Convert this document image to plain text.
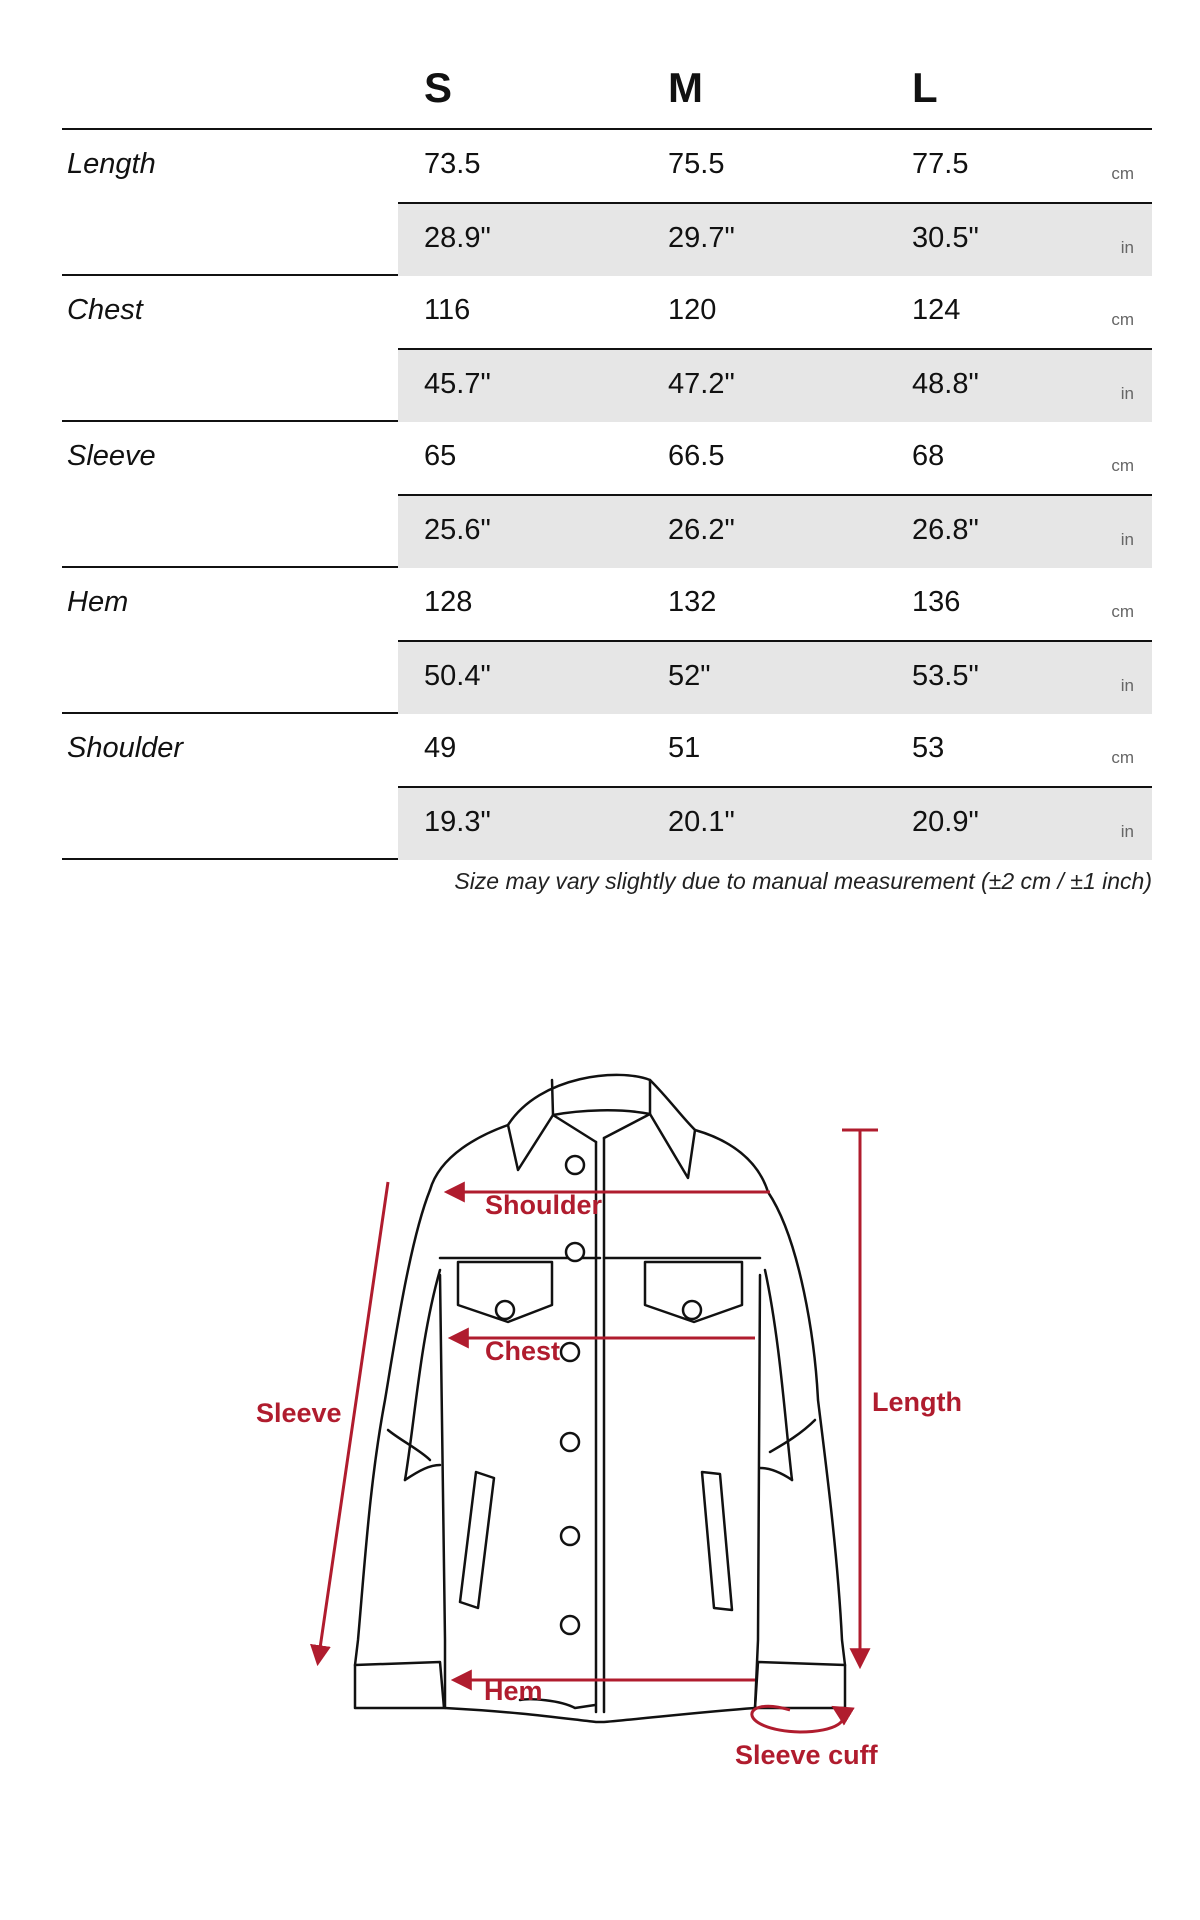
S	M	L
Length	73.5	75.5	77.5	cm
28.9"	29.7"	30.5"	in
Chest	116	120	124	cm
45.7"	47.2"	48.8"	in
Sleeve	65	66.5	68	cm
25.6"	26.2"	26.8"	in
Hem	128	132	136	cm
50.4"	52"	53.5"	in
Shoulder	49	51	53	cm
19.3"	20.1"	20.9"	in
Size may vary slightly due to manual measurement (±2 cm / ±1 inch)
Shoulder
Chest
Sleeve	Length
Hem
Sleeve cuff
